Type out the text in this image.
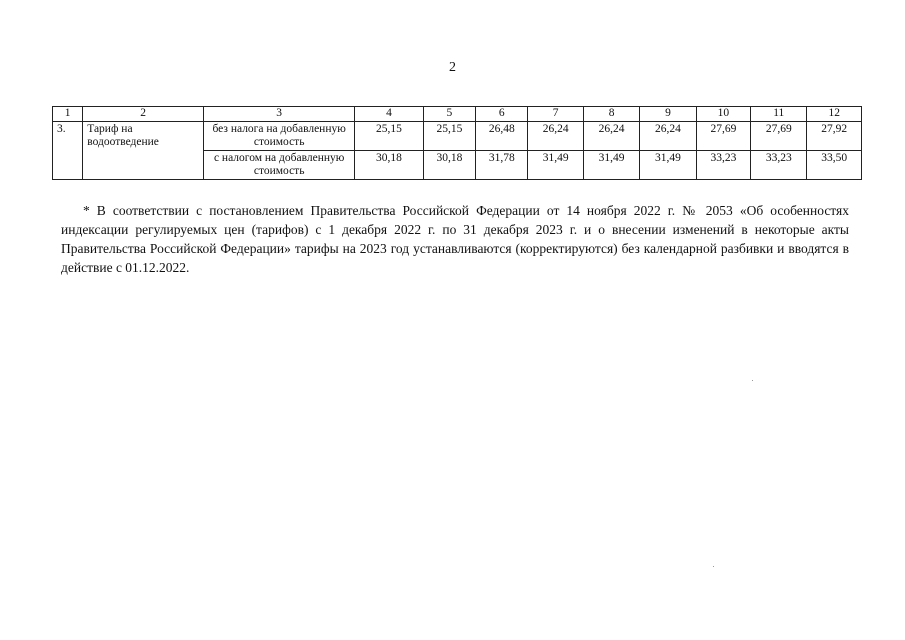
2
1	2	3	4	5	6	7	8	9	10	11	12
3.	Тариф на водоотведение	без налога на добавленную стоимость	25,15	25,15	26,48	26,24	26,24	26,24	27,69	27,69	27,92
		с налогом на добавленную стоимость	30,18	30,18	31,78	31,49	31,49	31,49	33,23	33,23	33,50
* В соответствии с постановлением Правительства Российской Федерации от 14 ноября 2022 г. № 2053 «Об особенностях индексации регулируемых цен (тарифов) с 1 декабря 2022 г. по 31 декабря 2023 г. и о внесении изменений в некоторые акты Правительства Российской Федерации» тарифы на 2023 год устанавливаются (корректируются) без календарной разбивки и вводятся в действие с 01.12.2022.
